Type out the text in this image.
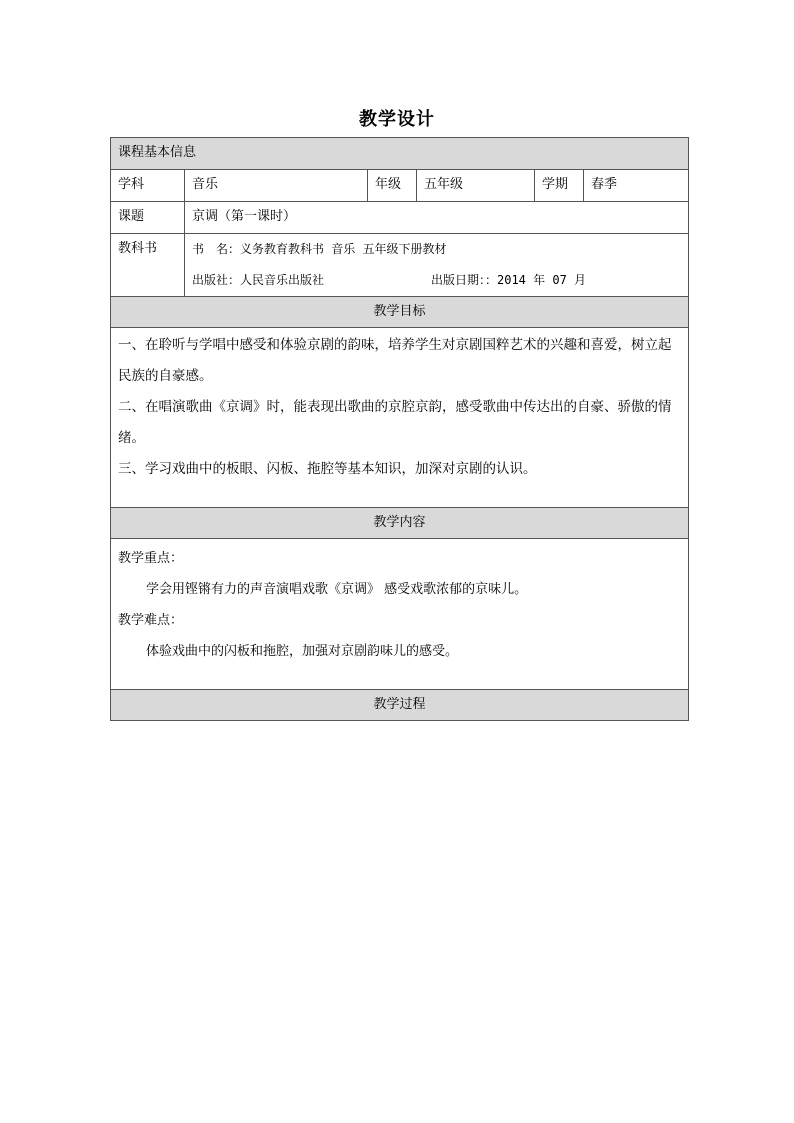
教学设计
课程基本信息					
学科	音乐	年级	五年级	学期	春季
课题	京调（第一课时）				
教科书	书　名：义务教育教科书 音乐 五年级下册教材
出版社：人民音乐出版社 出版日期：：2014 年 07 月				

教学目标					

一、在聆听与学唱中感受和体验京剧的韵味，培养学生对京剧国粹艺术的兴趣和喜爱，树立起民族的自豪感。

二、在唱演歌曲《京调》时，能表现出歌曲的京腔京韵，感受歌曲中传达出的自豪、骄傲的情绪。

三、学习戏曲中的板眼、闪板、拖腔等基本知识，加深对京剧的认识。					

教学内容					

教学重点：

学会用铿锵有力的声音演唱戏歌《京调》 感受戏歌浓郁的京味儿。

教学难点：

体验戏曲中的闪板和拖腔，加强对京剧韵味儿的感受。					

教学过程					
